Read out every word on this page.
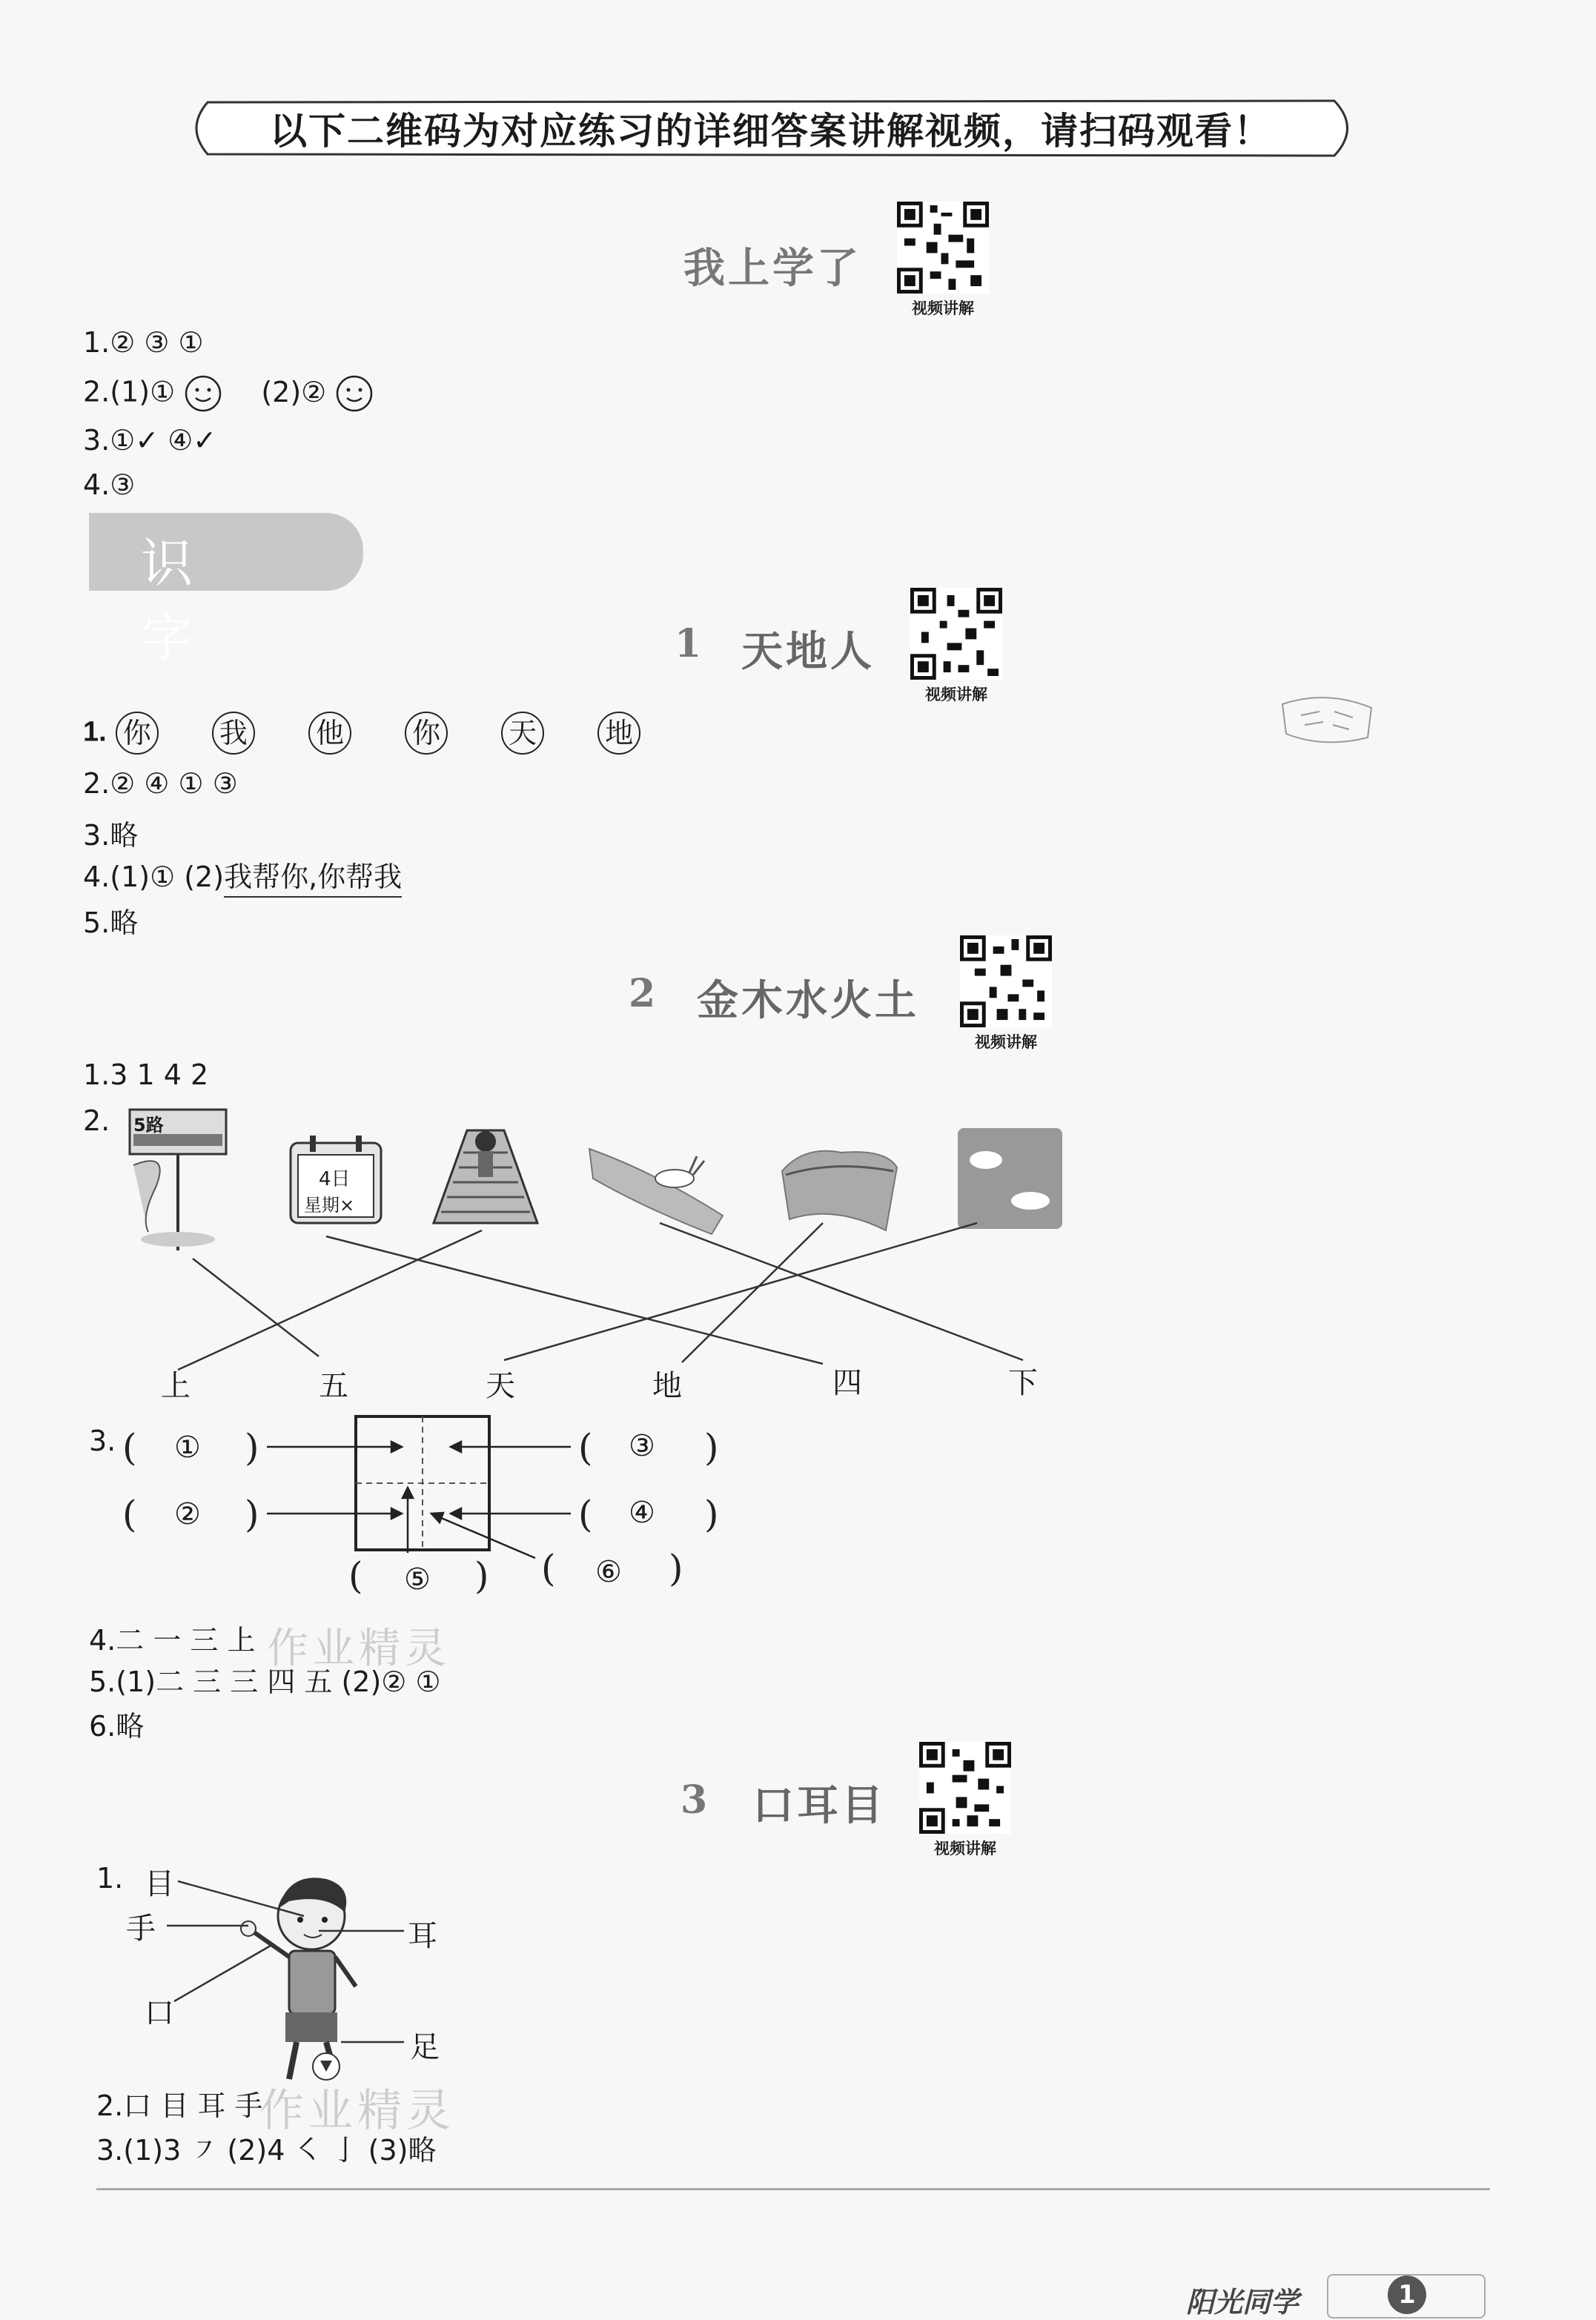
以下二维码为对应练习的详细答案讲解视频，请扫码观看！
我上学了
视频讲解
1.② ③ ①
2.(1)①	(2)②
3.①✓ ④✓
4.③
识字	1 天地人
视频讲解
1. 你 我 他 你 天 地
2.② ④ ① ③
3.略
4.(1)① (2)我帮你,你帮我
5.略
2 金木水火土
视频讲解
1.3 1 4 2
2. 5路
4日
星期×
上	五	天	地	四	下
3. (	)
(	)
(	)
(	)
(	) (	)
①
②
③
④
⑤	⑥
4.二 一 三 上
5.(1)二 三 三 四 五 (2)② ①
6.略
3 口耳目
视频讲解
1. 目
手	耳
口
足
2.口 目 耳 手
3.(1)3 ㇇ (2)4 ㇛ 亅 (3)略
作业精灵
作业精灵
阳光同学	1
